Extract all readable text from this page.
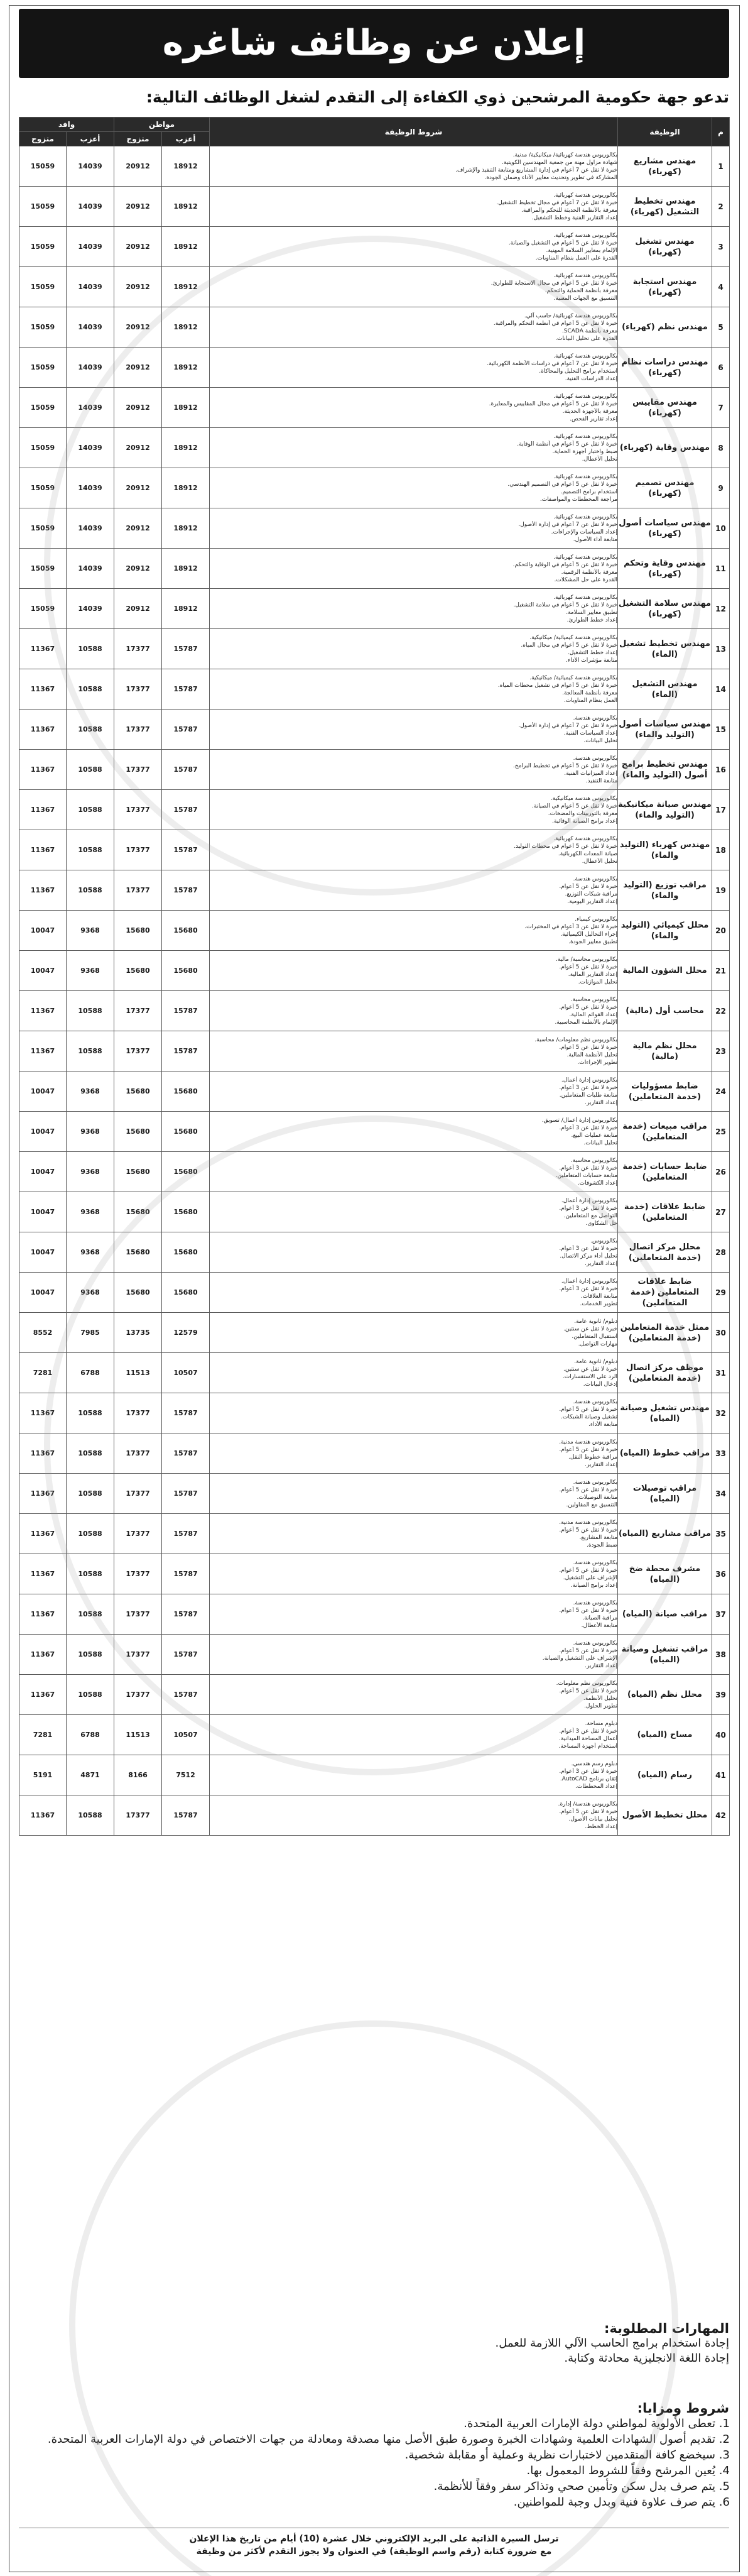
إعلان عن وظائف شاغره
تدعو جهة حكومية المرشحين ذوي الكفاءة إلى التقدم لشغل الوظائف التالية:
م	الوظيفة	شروط الوظيفة	مواطن		وافد	
			أعزب	متزوج	أعزب	متزوج
1	مهندس مشاريع (كهرباء)	بكالوريوس هندسة كهربائية/ ميكانيكية/ مدنية.
شهادة مزاول مهنة من جمعية المهندسين الكويتية.
خبرة لا تقل عن 7 أعوام في إدارة المشاريع ومتابعة التنفيذ والإشراف.
المشاركة في تطوير وتحديث معايير الأداء وضمان الجودة.	18912	20912	14039	15059
2	مهندس تخطيط التشغيل (كهرباء)	بكالوريوس هندسة كهربائية.
خبرة لا تقل عن 7 أعوام في مجال تخطيط التشغيل.
معرفة بالأنظمة الحديثة للتحكم والمراقبة.
إعداد التقارير الفنية وخطط التشغيل.	18912	20912	14039	15059
3	مهندس تشغيل (كهرباء)	بكالوريوس هندسة كهربائية.
خبرة لا تقل عن 5 أعوام في التشغيل والصيانة.
الإلمام بمعايير السلامة المهنية.
القدرة على العمل بنظام المناوبات.	18912	20912	14039	15059
4	مهندس استجابة (كهرباء)	بكالوريوس هندسة كهربائية.
خبرة لا تقل عن 5 أعوام في مجال الاستجابة للطوارئ.
معرفة بأنظمة الحماية والتحكم.
التنسيق مع الجهات المعنية.	18912	20912	14039	15059
5	مهندس نظم (كهرباء)	بكالوريوس هندسة كهربائية/ حاسب آلي.
خبرة لا تقل عن 5 أعوام في أنظمة التحكم والمراقبة.
معرفة بأنظمة SCADA.
القدرة على تحليل البيانات.	18912	20912	14039	15059
6	مهندس دراسات نظام (كهرباء)	بكالوريوس هندسة كهربائية.
خبرة لا تقل عن 7 أعوام في دراسات الأنظمة الكهربائية.
استخدام برامج التحليل والمحاكاة.
إعداد الدراسات الفنية.	18912	20912	14039	15059
7	مهندس مقاييس (كهرباء)	بكالوريوس هندسة كهربائية.
خبرة لا تقل عن 5 أعوام في مجال المقاييس والمعايرة.
معرفة بالأجهزة الحديثة.
إعداد تقارير الفحص.	18912	20912	14039	15059
8	مهندس وقاية (كهرباء)	بكالوريوس هندسة كهربائية.
خبرة لا تقل عن 5 أعوام في أنظمة الوقاية.
ضبط واختبار أجهزة الحماية.
تحليل الأعطال.	18912	20912	14039	15059
9	مهندس تصميم (كهرباء)	بكالوريوس هندسة كهربائية.
خبرة لا تقل عن 5 أعوام في التصميم الهندسي.
استخدام برامج التصميم.
مراجعة المخططات والمواصفات.	18912	20912	14039	15059
10	مهندس سياسات أصول (كهرباء)	بكالوريوس هندسة كهربائية.
خبرة لا تقل عن 7 أعوام في إدارة الأصول.
إعداد السياسات والإجراءات.
متابعة أداء الأصول.	18912	20912	14039	15059
11	مهندس وقاية وتحكم (كهرباء)	بكالوريوس هندسة كهربائية.
خبرة لا تقل عن 5 أعوام في الوقاية والتحكم.
معرفة بالأنظمة الرقمية.
القدرة على حل المشكلات.	18912	20912	14039	15059
12	مهندس سلامة التشغيل (كهرباء)	بكالوريوس هندسة كهربائية.
خبرة لا تقل عن 5 أعوام في سلامة التشغيل.
تطبيق معايير السلامة.
إعداد خطط الطوارئ.	18912	20912	14039	15059
13	مهندس تخطيط تشغيل (الماء)	بكالوريوس هندسة كيميائية/ ميكانيكية.
خبرة لا تقل عن 5 أعوام في مجال المياه.
إعداد خطط التشغيل.
متابعة مؤشرات الأداء.	15787	17377	10588	11367
14	مهندس التشغيل (الماء)	بكالوريوس هندسة كيميائية/ ميكانيكية.
خبرة لا تقل عن 5 أعوام في تشغيل محطات المياه.
معرفة بأنظمة المعالجة.
العمل بنظام المناوبات.	15787	17377	10588	11367
15	مهندس سياسات أصول (التوليد والماء)	بكالوريوس هندسة.
خبرة لا تقل عن 7 أعوام في إدارة الأصول.
إعداد السياسات الفنية.
تحليل البيانات.	15787	17377	10588	11367
16	مهندس تخطيط برامج أصول (التوليد والماء)	بكالوريوس هندسة.
خبرة لا تقل عن 5 أعوام في تخطيط البرامج.
إعداد الميزانيات الفنية.
متابعة التنفيذ.	15787	17377	10588	11367
17	مهندس صيانة ميكانيكية (التوليد والماء)	بكالوريوس هندسة ميكانيكية.
خبرة لا تقل عن 5 أعوام في الصيانة.
معرفة بالتوربينات والمضخات.
إعداد برامج الصيانة الوقائية.	15787	17377	10588	11367
18	مهندس كهرباء (التوليد والماء)	بكالوريوس هندسة كهربائية.
خبرة لا تقل عن 5 أعوام في محطات التوليد.
صيانة المعدات الكهربائية.
تحليل الأعطال.	15787	17377	10588	11367
19	مراقب توزيع (التوليد والماء)	بكالوريوس هندسة.
خبرة لا تقل عن 5 أعوام.
مراقبة شبكات التوزيع.
إعداد التقارير اليومية.	15787	17377	10588	11367
20	محلل كيميائي (التوليد والماء)	بكالوريوس كيمياء.
خبرة لا تقل عن 3 أعوام في المختبرات.
إجراء التحاليل الكيميائية.
تطبيق معايير الجودة.	15680	15680	9368	10047
21	محلل الشؤون المالية	بكالوريوس محاسبة/ مالية.
خبرة لا تقل عن 5 أعوام.
إعداد التقارير المالية.
تحليل الموازنات.	15680	15680	9368	10047
22	محاسب أول (مالية)	بكالوريوس محاسبة.
خبرة لا تقل عن 5 أعوام.
إعداد القوائم المالية.
الإلمام بالأنظمة المحاسبية.	15787	17377	10588	11367
23	محلل نظم مالية (مالية)	بكالوريوس نظم معلومات/ محاسبة.
خبرة لا تقل عن 5 أعوام.
تحليل الأنظمة المالية.
تطوير الإجراءات.	15787	17377	10588	11367
24	ضابط مسؤوليات (خدمة المتعاملين)	بكالوريوس إدارة أعمال.
خبرة لا تقل عن 3 أعوام.
متابعة طلبات المتعاملين.
إعداد التقارير.	15680	15680	9368	10047
25	مراقب مبيعات (خدمة المتعاملين)	بكالوريوس إدارة أعمال/ تسويق.
خبرة لا تقل عن 3 أعوام.
متابعة عمليات البيع.
تحليل البيانات.	15680	15680	9368	10047
26	ضابط حسابات (خدمة المتعاملين)	بكالوريوس محاسبة.
خبرة لا تقل عن 3 أعوام.
متابعة حسابات المتعاملين.
إعداد الكشوفات.	15680	15680	9368	10047
27	ضابط علاقات (خدمة المتعاملين)	بكالوريوس إدارة أعمال.
خبرة لا تقل عن 3 أعوام.
التواصل مع المتعاملين.
حل الشكاوى.	15680	15680	9368	10047
28	محلل مركز اتصال (خدمة المتعاملين)	بكالوريوس.
خبرة لا تقل عن 3 أعوام.
تحليل أداء مركز الاتصال.
إعداد التقارير.	15680	15680	9368	10047
29	ضابط علاقات المتعاملين (خدمة المتعاملين)	بكالوريوس إدارة أعمال.
خبرة لا تقل عن 3 أعوام.
متابعة العلاقات.
تطوير الخدمات.	15680	15680	9368	10047
30	ممثل خدمة المتعاملين (خدمة المتعاملين)	دبلوم/ ثانوية عامة.
خبرة لا تقل عن سنتين.
استقبال المتعاملين.
مهارات التواصل.	12579	13735	7985	8552
31	موظف مركز اتصال (خدمة المتعاملين)	دبلوم/ ثانوية عامة.
خبرة لا تقل عن سنتين.
الرد على الاستفسارات.
إدخال البيانات.	10507	11513	6788	7281
32	مهندس تشغيل وصيانة (المياه)	بكالوريوس هندسة.
خبرة لا تقل عن 5 أعوام.
تشغيل وصيانة الشبكات.
متابعة الأداء.	15787	17377	10588	11367
33	مراقب خطوط (المياه)	بكالوريوس هندسة مدنية.
خبرة لا تقل عن 5 أعوام.
مراقبة خطوط النقل.
إعداد التقارير.	15787	17377	10588	11367
34	مراقب توصيلات (المياه)	بكالوريوس هندسة.
خبرة لا تقل عن 5 أعوام.
متابعة التوصيلات.
التنسيق مع المقاولين.	15787	17377	10588	11367
35	مراقب مشاريع (المياه)	بكالوريوس هندسة مدنية.
خبرة لا تقل عن 5 أعوام.
متابعة المشاريع.
ضبط الجودة.	15787	17377	10588	11367
36	مشرف محطة ضخ (المياه)	بكالوريوس هندسة.
خبرة لا تقل عن 5 أعوام.
الإشراف على التشغيل.
إعداد برامج الصيانة.	15787	17377	10588	11367
37	مراقب صيانة (المياه)	بكالوريوس هندسة.
خبرة لا تقل عن 5 أعوام.
مراقبة الصيانة.
متابعة الأعطال.	15787	17377	10588	11367
38	مراقب تشغيل وصيانة (المياه)	بكالوريوس هندسة.
خبرة لا تقل عن 5 أعوام.
الإشراف على التشغيل والصيانة.
إعداد التقارير.	15787	17377	10588	11367
39	محلل نظم (المياه)	بكالوريوس نظم معلومات.
خبرة لا تقل عن 5 أعوام.
تحليل الأنظمة.
تطوير الحلول.	15787	17377	10588	11367
40	مساح (المياه)	دبلوم مساحة.
خبرة لا تقل عن 3 أعوام.
أعمال المساحة الميدانية.
استخدام أجهزة المساحة.	10507	11513	6788	7281
41	رسام (المياه)	دبلوم رسم هندسي.
خبرة لا تقل عن 3 أعوام.
إتقان برنامج AutoCAD.
إعداد المخططات.	7512	8166	4871	5191
42	محلل تخطيط الأصول	بكالوريوس هندسة/ إدارة.
خبرة لا تقل عن 5 أعوام.
تحليل بيانات الأصول.
إعداد الخطط.	15787	17377	10588	11367
المهارات المطلوبة:

إجادة استخدام برامج الحاسب الآلي اللازمة للعمل.

إجادة اللغة الانجليزية محادثة وكتابة.

شروط ومزايا:
1. تعطى الأولوية لمواطني دولة الإمارات العربية المتحدة.
2. تقديم أصول الشهادات العلمية وشهادات الخبرة وصورة طبق الأصل منها مصدقة ومعادلة من جهات الاختصاص في دولة الإمارات العربية المتحدة.
3. سيخضع كافة المتقدمين لاختبارات نظرية وعملية أو مقابلة شخصية.
4. يُعين المرشح وفقاً للشروط المعمول بها.
5. يتم صرف بدل سكن وتأمين صحي وتذاكر سفر وفقاً للأنظمة.
6. يتم صرف علاوة فنية وبدل وجبة للمواطنين.
ترسل السيرة الذاتية على البريد الإلكتروني خلال عشرة (10) أيام من تاريخ هذا الإعلان
مع ضرورة كتابة (رقم واسم الوظيفة) في العنوان ولا يجوز التقدم لأكثر من وظيفة
